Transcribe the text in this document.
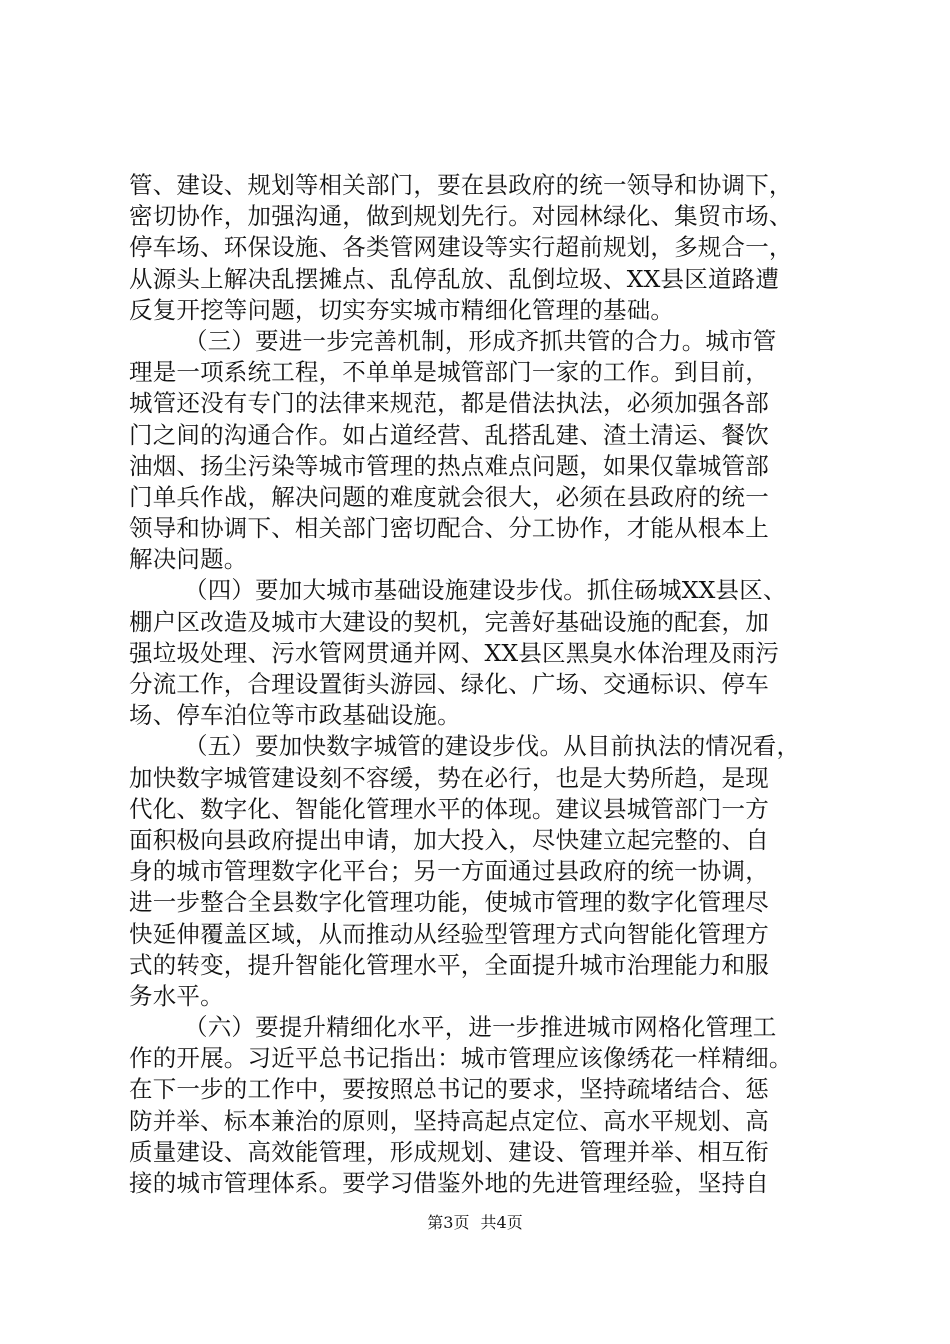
管、建设、规划等相关部门，要在县政府的统一领导和协调下，
密切协作，加强沟通，做到规划先行。对园林绿化、集贸市场、
停车场、环保设施、各类管网建设等实行超前规划，多规合一，
从源头上解决乱摆摊点、乱停乱放、乱倒垃圾、XX县区道路遭
反复开挖等问题，切实夯实城市精细化管理的基础。
（三）要进一步完善机制，形成齐抓共管的合力。城市管
理是一项系统工程，不单单是城管部门一家的工作。到目前，
城管还没有专门的法律来规范，都是借法执法，必须加强各部
门之间的沟通合作。如占道经营、乱搭乱建、渣土清运、餐饮
油烟、扬尘污染等城市管理的热点难点问题，如果仅靠城管部
门单兵作战，解决问题的难度就会很大，必须在县政府的统一
领导和协调下、相关部门密切配合、分工协作，才能从根本上
解决问题。
（四）要加大城市基础设施建设步伐。抓住砀城XX县区、
棚户区改造及城市大建设的契机，完善好基础设施的配套，加
强垃圾处理、污水管网贯通并网、XX县区黑臭水体治理及雨污
分流工作，合理设置街头游园、绿化、广场、交通标识、停车
场、停车泊位等市政基础设施。
（五）要加快数字城管的建设步伐。从目前执法的情况看，
加快数字城管建设刻不容缓，势在必行，也是大势所趋，是现
代化、数字化、智能化管理水平的体现。建议县城管部门一方
面积极向县政府提出申请，加大投入，尽快建立起完整的、自
身的城市管理数字化平台；另一方面通过县政府的统一协调，
进一步整合全县数字化管理功能，使城市管理的数字化管理尽
快延伸覆盖区域，从而推动从经验型管理方式向智能化管理方
式的转变，提升智能化管理水平，全面提升城市治理能力和服
务水平。
（六）要提升精细化水平，进一步推进城市网格化管理工
作的开展。习近平总书记指出：城市管理应该像绣花一样精细。
在下一步的工作中，要按照总书记的要求，坚持疏堵结合、惩
防并举、标本兼治的原则，坚持高起点定位、高水平规划、高
质量建设、高效能管理，形成规划、建设、管理并举、相互衔
接的城市管理体系。要学习借鉴外地的先进管理经验，坚持自
第3页 共4页
